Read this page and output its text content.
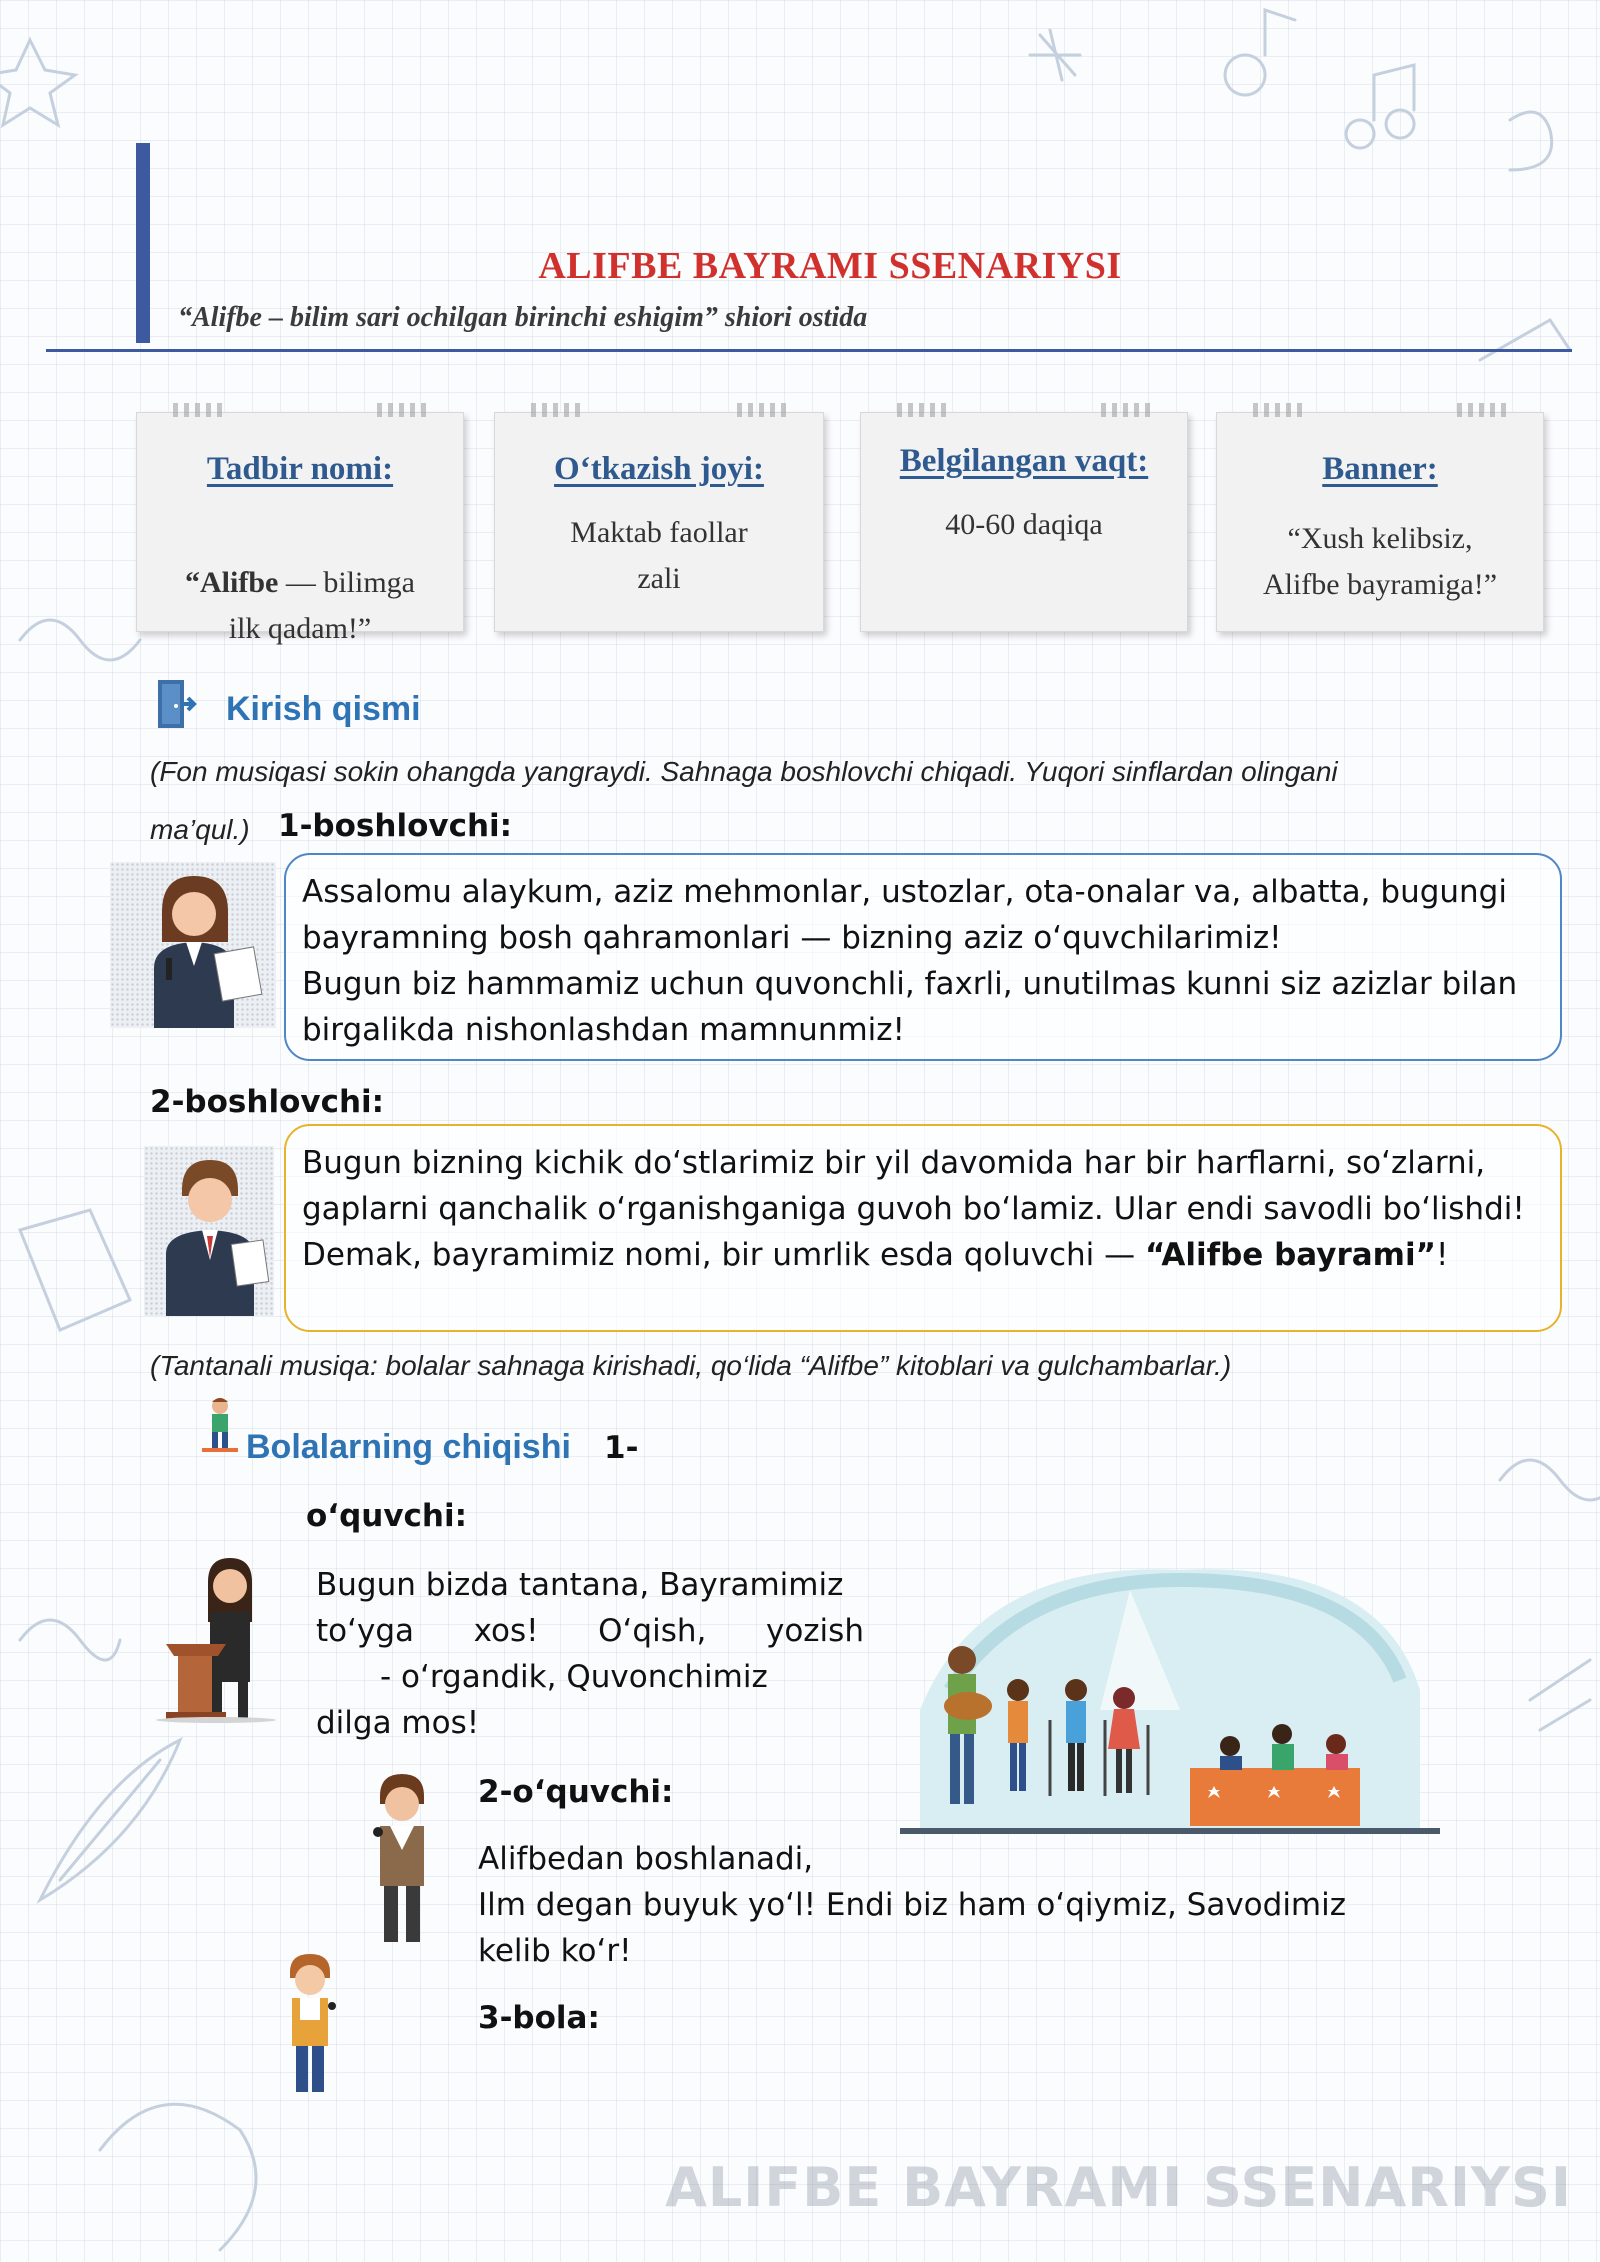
ALIFBE BAYRAMI SSENARIYSI
“Alifbe – bilim sari ochilgan birinchi eshigim” shiori ostida
Tadbir nomi:

“Alifbe — bilimga
ilk qadam!”

O‘tkazish joyi:
Maktab faollar
zali
Belgilangan vaqt:
40-60 daqiqa
Banner:
“Xush kelibsiz,
Alifbe bayramiga!”
Kirish qismi
(Fon musiqasi sokin ohangda yangraydi. Sahnaga boshlovchi chiqadi. Yuqori sinflardan olingani
ma’qul.) 1-boshlovchi:

Assalomu alaykum, aziz mehmonlar, ustozlar, ota-onalar va, albatta, bugungi bayramning bosh qahramonlari — bizning aziz o‘quvchilarimiz!

Bugun biz hammamiz uchun quvonchli, faxrli, unutilmas kunni siz azizlar bilan birgalikda nishonlashdan mamnunmiz!

2-boshlovchi:

Bugun bizning kichik do‘stlarimiz bir yil davomida har bir harflarni, so‘zlarni, gaplarni qanchalik o‘rganishganiga guvoh bo‘lamiz. Ular endi savodli bo‘lishdi!

Demak, bayramimiz nomi, bir umrlik esda qoluvchi — “Alifbe bayrami”!

(Tantanali musiqa: bolalar sahnaga kirishadi, qo‘lida “Alifbe” kitoblari va gulchambarlar.)
Bolalarning chiqishi 1-
o‘quvchi:

Bugun bizda tantana, Bayramimiz

to‘yga xos! O‘qish, yozish

- o‘rgandik, Quvonchimiz

dilga mos!

2-o‘quvchi:

Alifbedan boshlanadi,

Ilm degan buyuk yo‘l! Endi biz ham o‘qiymiz, Savodimiz

kelib ko‘r!

3-bola:
ALIFBE BAYRAMI SSENARIYSI
